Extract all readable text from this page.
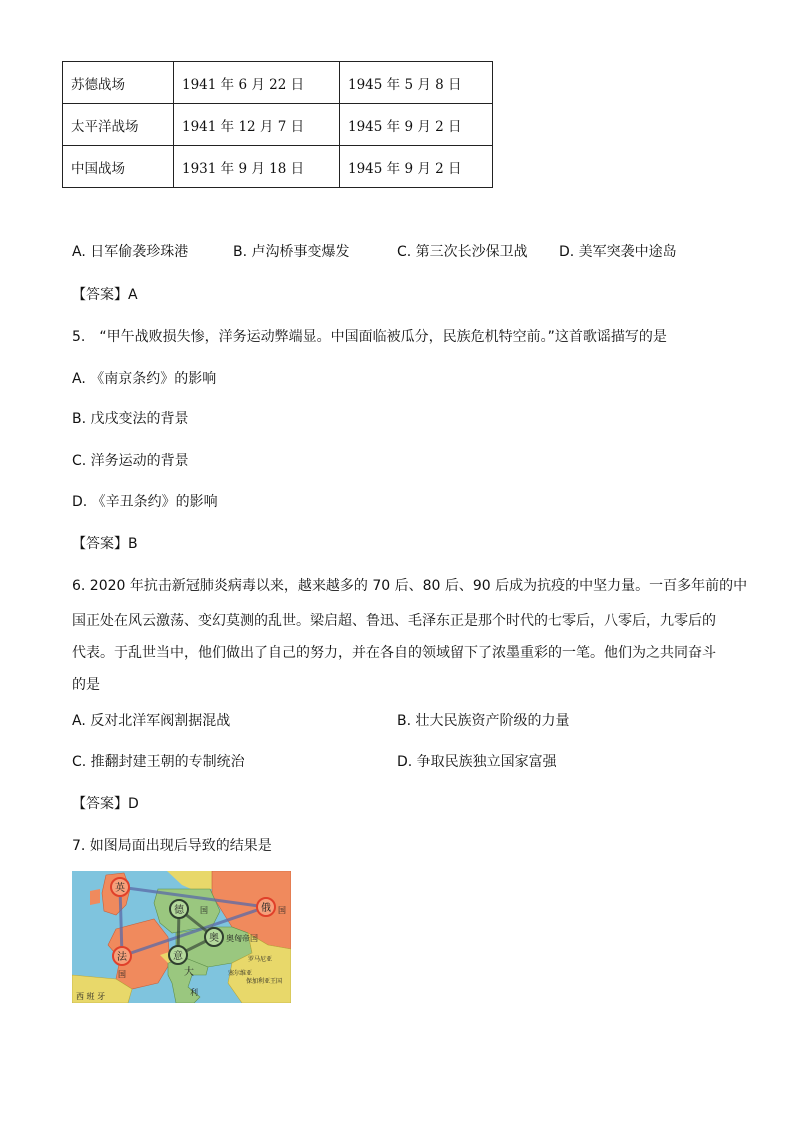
苏德战场	1941 年 6 月 22 日	1945 年 5 月 8 日
太平洋战场	1941 年 12 月 7 日	1945 年 9 月 2 日
中国战场	1931 年 9 月 18 日	1945 年 9 月 2 日
A. 日军偷袭珍珠港	B. 卢沟桥事变爆发	C. 第三次长沙保卫战 D. 美军突袭中途岛
【答案】A
5.　“甲午战败损失惨，洋务运动弊端显。中国面临被瓜分，民族危机特空前。”这首歌谣描写的是
A. 《南京条约》的影响
B. 戊戌变法的背景
C. 洋务运动的背景
D. 《辛丑条约》的影响
【答案】B
6. 2020 年抗击新冠肺炎病毒以来，越来越多的 70 后、80 后、90 后成为抗疫的中坚力量。一百多年前的中
国正处在风云激荡、变幻莫测的乱世。梁启超、鲁迅、毛泽东正是那个时代的七零后，八零后，九零后的
代表。于乱世当中，他们做出了自己的努力，并在各自的领域留下了浓墨重彩的一笔。他们为之共同奋斗
的是
A. 反对北洋军阀割据混战	B. 壮大民族资产阶级的力量
C. 推翻封建王朝的专制统治	D. 争取民族独立国家富强
【答案】D
7. 如图局面出现后导致的结果是
英
俄
法
德
奥
意
国	国
国
奥匈帝国
罗马尼亚
塞尔维亚
保加利亚王国
西 班 牙
大
利
